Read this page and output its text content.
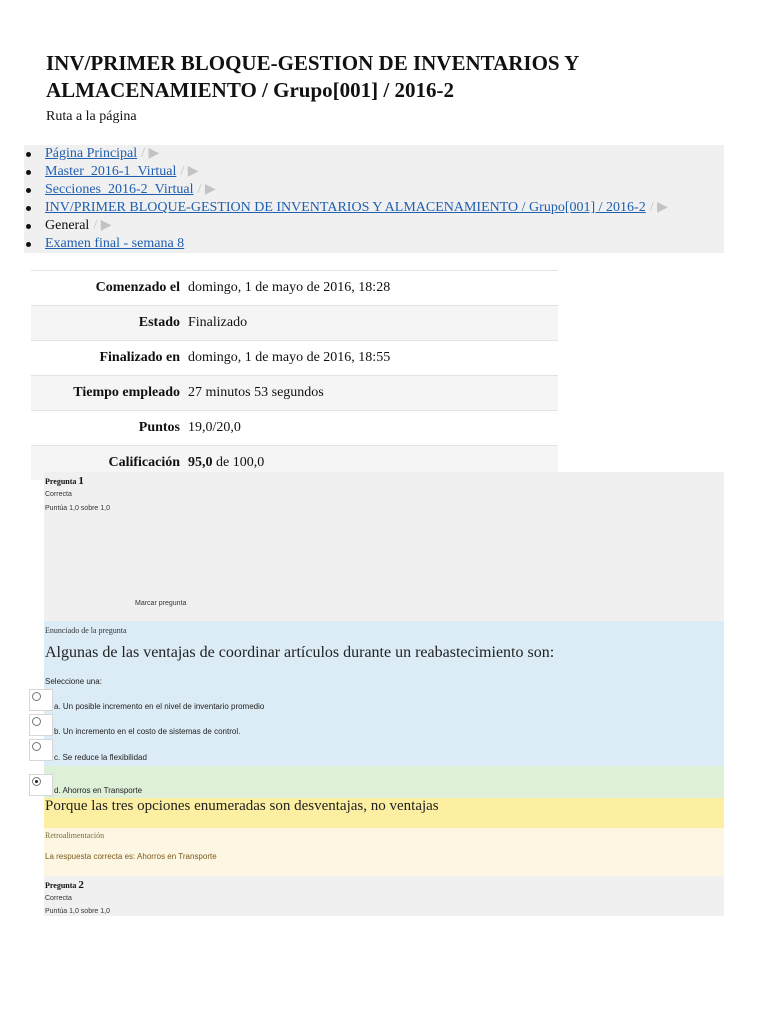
INV/PRIMER BLOQUE-GESTION DE INVENTARIOS Y ALMACENAMIENTO / Grupo[001] / 2016-2
Ruta a la página
Página Principal / ▶
Master_2016-1_Virtual / ▶
Secciones_2016-2_Virtual / ▶
INV/PRIMER BLOQUE-GESTION DE INVENTARIOS Y ALMACENAMIENTO / Grupo[001] / 2016-2 / ▶
General / ▶
Examen final - semana 8
Comenzado el	domingo, 1 de mayo de 2016, 18:28
Estado	Finalizado
Finalizado en	domingo, 1 de mayo de 2016, 18:55
Tiempo empleado	27 minutos 53 segundos
Puntos	19,0/20,0
Calificación	95,0 de 100,0
Pregunta 1
Correcta
Puntúa 1,0 sobre 1,0
Marcar pregunta
Enunciado de la pregunta
Algunas de las ventajas de coordinar artículos durante un reabastecimiento son:
Seleccione una:
a. Un posible incremento en el nivel de inventario promedio
b. Un incremento en el costo de sistemas de control.
c. Se reduce la flexibilidad
d. Ahorros en Transporte
Porque las tres opciones enumeradas son desventajas, no ventajas
Retroalimentación
La respuesta correcta es: Ahorros en Transporte
Pregunta 2
Correcta
Puntúa 1,0 sobre 1,0
